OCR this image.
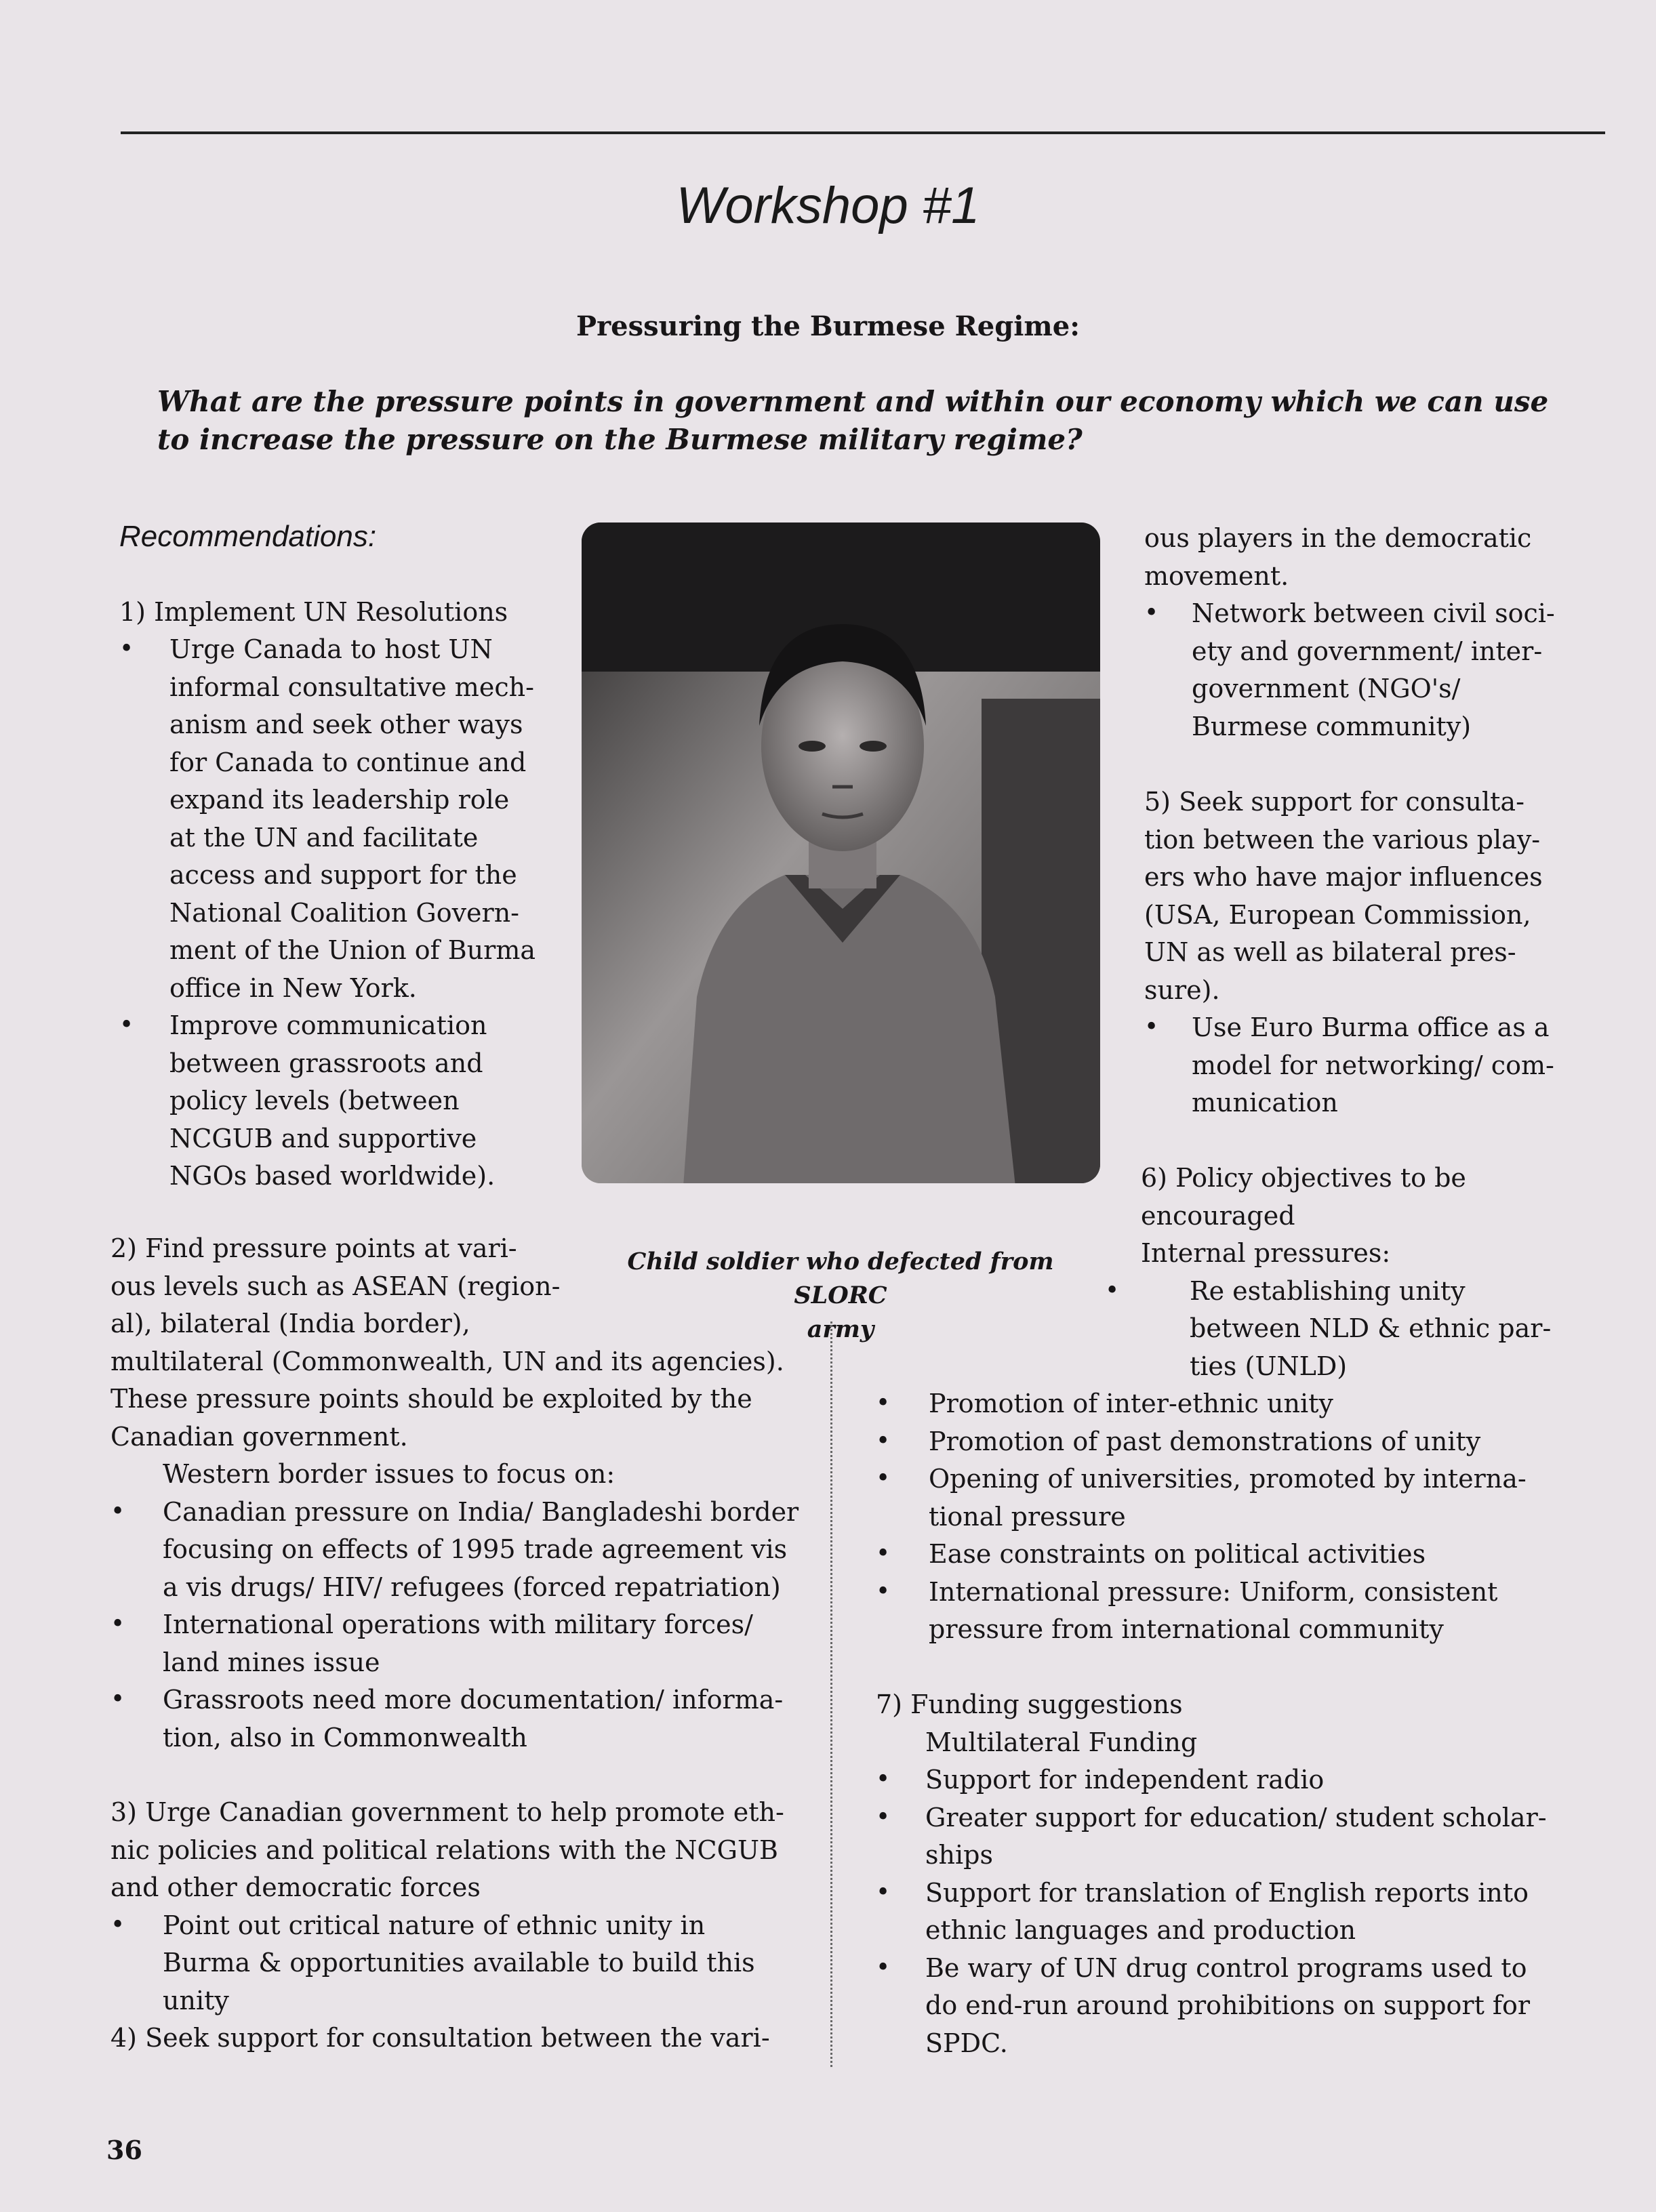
Workshop #1
Pressuring the Burmese Regime:
What are the pressure points in government and within our economy which we can use
to increase the pressure on the Burmese military regime?
Recommendations:
Child soldier who defected from SLORC
army
1) Implement UN Resolutions
• Urge Canada to host UN
informal consultative mech-
anism and seek other ways
for Canada to continue and
expand its leadership role
at the UN and facilitate
access and support for the
National Coalition Govern-
ment of the Union of Burma
office in New York.
• Improve communication
between grassroots and
policy levels (between
NCGUB and supportive
NGOs based worldwide).
2) Find pressure points at vari-
ous levels such as ASEAN (region-
al), bilateral (India border),
multilateral (Commonwealth, UN and its agencies).
These pressure points should be exploited by the
Canadian government.
Western border issues to focus on:
• Canadian pressure on India/ Bangladeshi border
focusing on effects of 1995 trade agreement vis
a vis drugs/ HIV/ refugees (forced repatriation)
• International operations with military forces/
land mines issue
• Grassroots need more documentation/ informa-
tion, also in Commonwealth
3) Urge Canadian government to help promote eth-
nic policies and political relations with the NCGUB
and other democratic forces
• Point out critical nature of ethnic unity in
Burma & opportunities available to build this
unity
4) Seek support for consultation between the vari-
ous players in the democratic
movement.
• Network between civil soci-
ety and government/ inter-
government (NGO's/
Burmese community)
5) Seek support for consulta-
tion between the various play-
ers who have major influences
(USA, European Commission,
UN as well as bilateral pres-
sure).
• Use Euro Burma office as a
model for networking/ com-
munication
6) Policy objectives to be
encouraged
Internal pressures:
•	Re establishing unity
between NLD & ethnic par-
ties (UNLD)
• Promotion of inter-ethnic unity
• Promotion of past demonstrations of unity
• Opening of universities, promoted by interna-
tional pressure
• Ease constraints on political activities
• International pressure: Uniform, consistent
pressure from international community
7) Funding suggestions
Multilateral Funding
• Support for independent radio
• Greater support for education/ student scholar-
ships
• Support for translation of English reports into
ethnic languages and production
• Be wary of UN drug control programs used to
do end-run around prohibitions on support for
SPDC.
36
